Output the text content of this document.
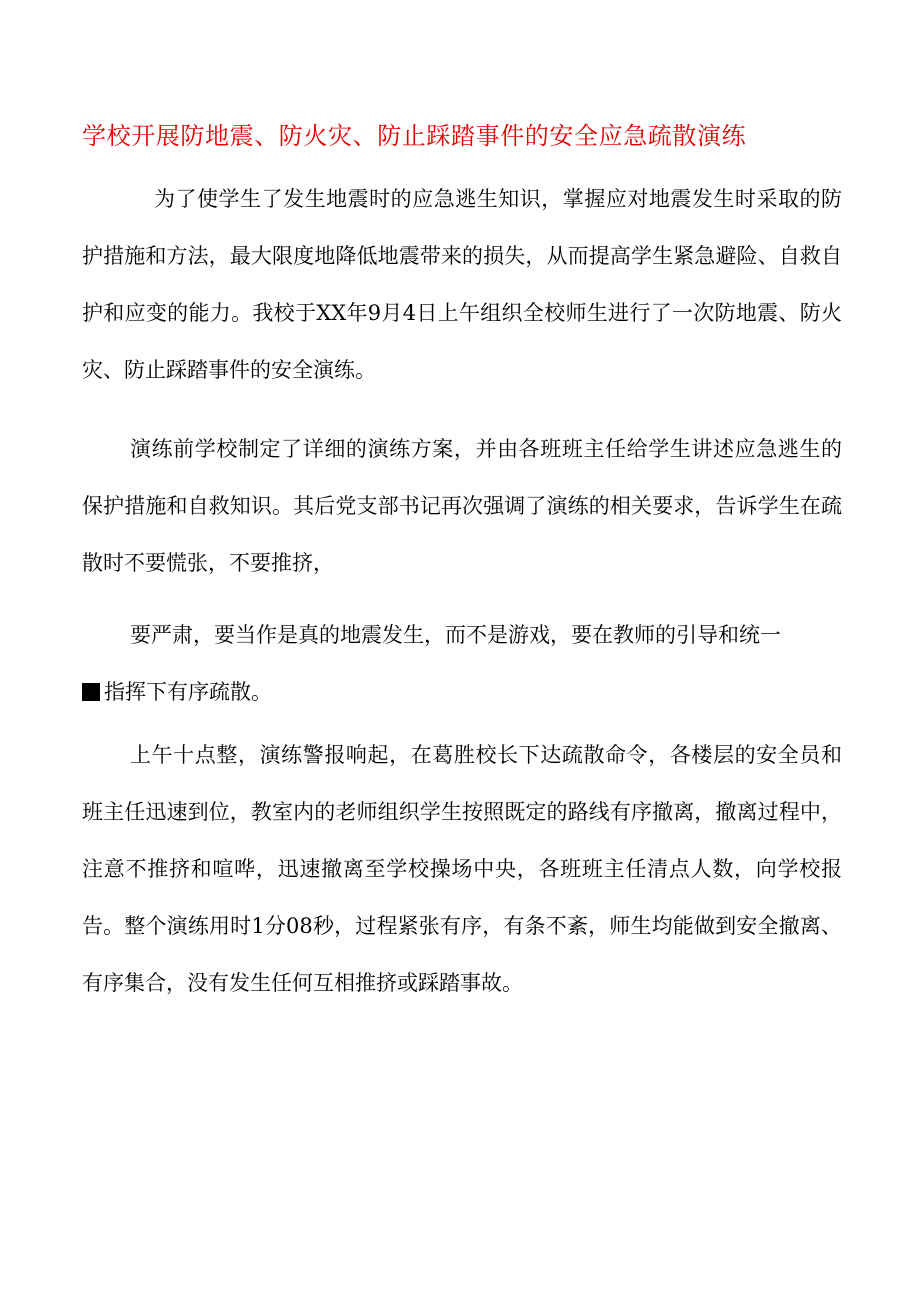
学校开展防地震、防火灾、防止踩踏事件的安全应急疏散演练

为了使学生了发生地震时的应急逃生知识，掌握应对地震发生时采取的防护措施和方法，最大限度地降低地震带来的损失，从而提高学生紧急避险、自救自护和应变的能力。我校于XX年9月4日上午组织全校师生进行了一次防地震、防火灾、防止踩踏事件的安全演练。

演练前学校制定了详细的演练方案，并由各班班主任给学生讲述应急逃生的保护措施和自救知识。其后党支部书记再次强调了演练的相关要求，告诉学生在疏散时不要慌张，不要推挤，

要严肃，要当作是真的地震发生，而不是游戏，要在教师的引导和统一
指挥下有序疏散。

上午十点整，演练警报响起，在葛胜校长下达疏散命令，各楼层的安全员和班主任迅速到位，教室内的老师组织学生按照既定的路线有序撤离，撤离过程中，注意不推挤和喧哗，迅速撤离至学校操场中央，各班班主任清点人数，向学校报告。整个演练用时1分08秒，过程紧张有序，有条不紊，师生均能做到安全撤离、有序集合，没有发生任何互相推挤或踩踏事故。
